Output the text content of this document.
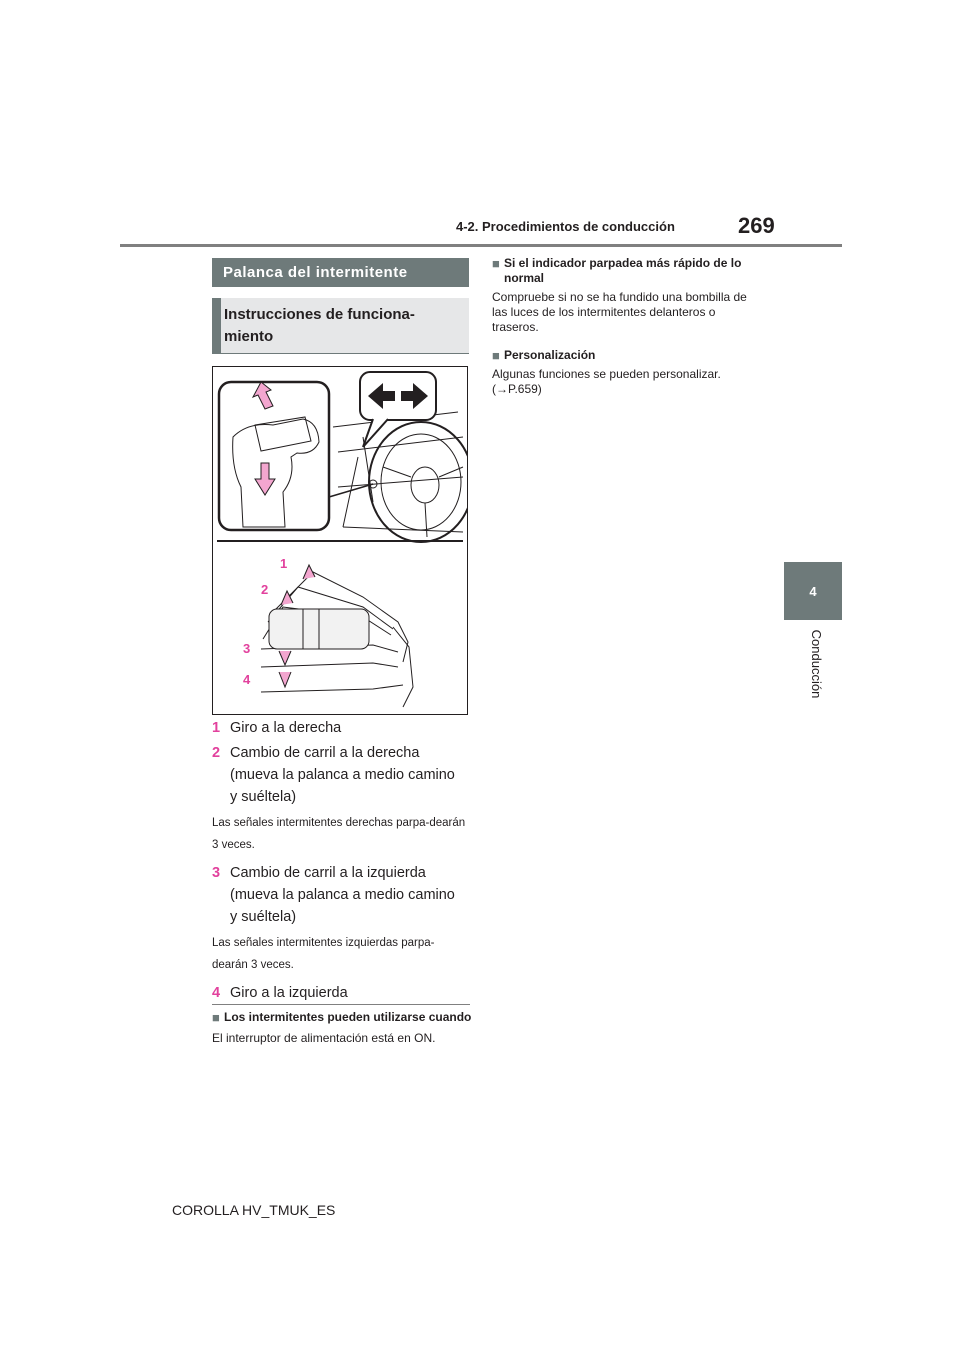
4-2. Procedimientos de conducción	269
4
Conducción
Palanca del intermitente
Instrucciones de funciona-
miento
1
2
3
4
1 Giro a la derecha
2 Cambio de carril a la derecha (mueva la palanca a medio camino y suéltela)
Las señales intermitentes derechas parpa-dearán 3 veces.
3 Cambio de carril a la izquierda (mueva la palanca a medio camino y suéltela)
Las señales intermitentes izquierdas parpa-dearán 3 veces.
4 Giro a la izquierda
■ Los intermitentes pueden utilizarse cuando
El interruptor de alimentación está en ON.
■ Si el indicador parpadea más rápido de lo normal
Compruebe si no se ha fundido una bombilla de las luces de los intermitentes delanteros o traseros.
■ Personalización
Algunas funciones se pueden personalizar. (→P.659)
COROLLA HV_TMUK_ES
